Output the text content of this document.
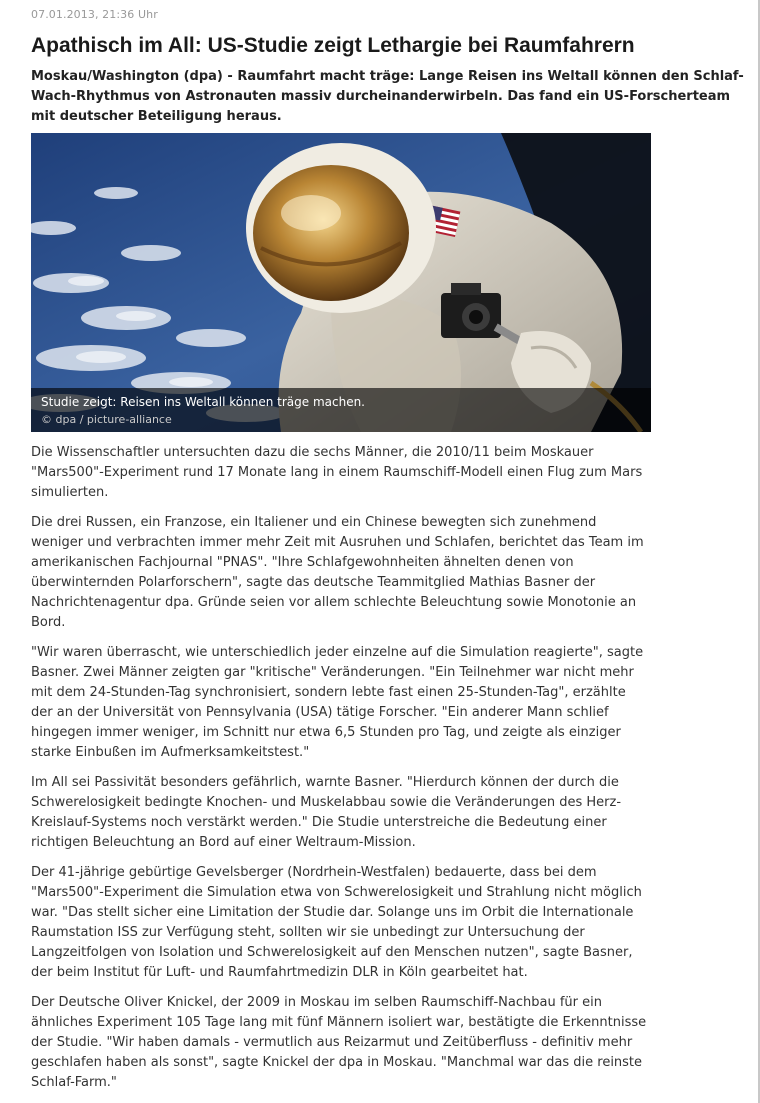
07.01.2013, 21:36 Uhr
Apathisch im All: US-Studie zeigt Lethargie bei Raumfahrern

Moskau/Washington (dpa) - Raumfahrt macht träge: Lange Reisen ins Weltall können den Schlaf-Wach-Rhythmus von Astronauten massiv durcheinanderwirbeln. Das fand ein US-Forscherteam mit deutscher Beteiligung heraus.

Studie zeigt: Reisen ins Weltall können träge machen.
© dpa / picture-alliance

Die Wissenschaftler untersuchten dazu die sechs Männer, die 2010/11 beim Moskauer "Mars500"-Experiment rund 17 Monate lang in einem Raumschiff-Modell einen Flug zum Mars simulierten.

Die drei Russen, ein Franzose, ein Italiener und ein Chinese bewegten sich zunehmend weniger und verbrachten immer mehr Zeit mit Ausruhen und Schlafen, berichtet das Team im amerikanischen Fachjournal "PNAS". "Ihre Schlafgewohnheiten ähnelten denen von überwinternden Polarforschern", sagte das deutsche Teammitglied Mathias Basner der Nachrichtenagentur dpa. Gründe seien vor allem schlechte Beleuchtung sowie Monotonie an Bord.

"Wir waren überrascht, wie unterschiedlich jeder einzelne auf die Simulation reagierte", sagte Basner. Zwei Männer zeigten gar "kritische" Veränderungen. "Ein Teilnehmer war nicht mehr mit dem 24-Stunden-Tag synchronisiert, sondern lebte fast einen 25-Stunden-Tag", erzählte der an der Universität von Pennsylvania (USA) tätige Forscher. "Ein anderer Mann schlief hingegen immer weniger, im Schnitt nur etwa 6,5 Stunden pro Tag, und zeigte als einziger starke Einbußen im Aufmerksamkeitstest."

Im All sei Passivität besonders gefährlich, warnte Basner. "Hierdurch können der durch die Schwerelosigkeit bedingte Knochen- und Muskelabbau sowie die Veränderungen des Herz-Kreislauf-Systems noch verstärkt werden." Die Studie unterstreiche die Bedeutung einer richtigen Beleuchtung an Bord auf einer Weltraum-Mission.

Der 41-jährige gebürtige Gevelsberger (Nordrhein-Westfalen) bedauerte, dass bei dem "Mars500"-Experiment die Simulation etwa von Schwerelosigkeit und Strahlung nicht möglich war. "Das stellt sicher eine Limitation der Studie dar. Solange uns im Orbit die Internationale Raumstation ISS zur Verfügung steht, sollten wir sie unbedingt zur Untersuchung der Langzeitfolgen von Isolation und Schwerelosigkeit auf den Menschen nutzen", sagte Basner, der beim Institut für Luft- und Raumfahrtmedizin DLR in Köln gearbeitet hat.

Der Deutsche Oliver Knickel, der 2009 in Moskau im selben Raumschiff-Nachbau für ein ähnliches Experiment 105 Tage lang mit fünf Männern isoliert war, bestätigte die Erkenntnisse der Studie. "Wir haben damals - vermutlich aus Reizarmut und Zeitüberfluss - definitiv mehr geschlafen haben als sonst", sagte Knickel der dpa in Moskau. "Manchmal war das die reinste Schlaf-Farm."
